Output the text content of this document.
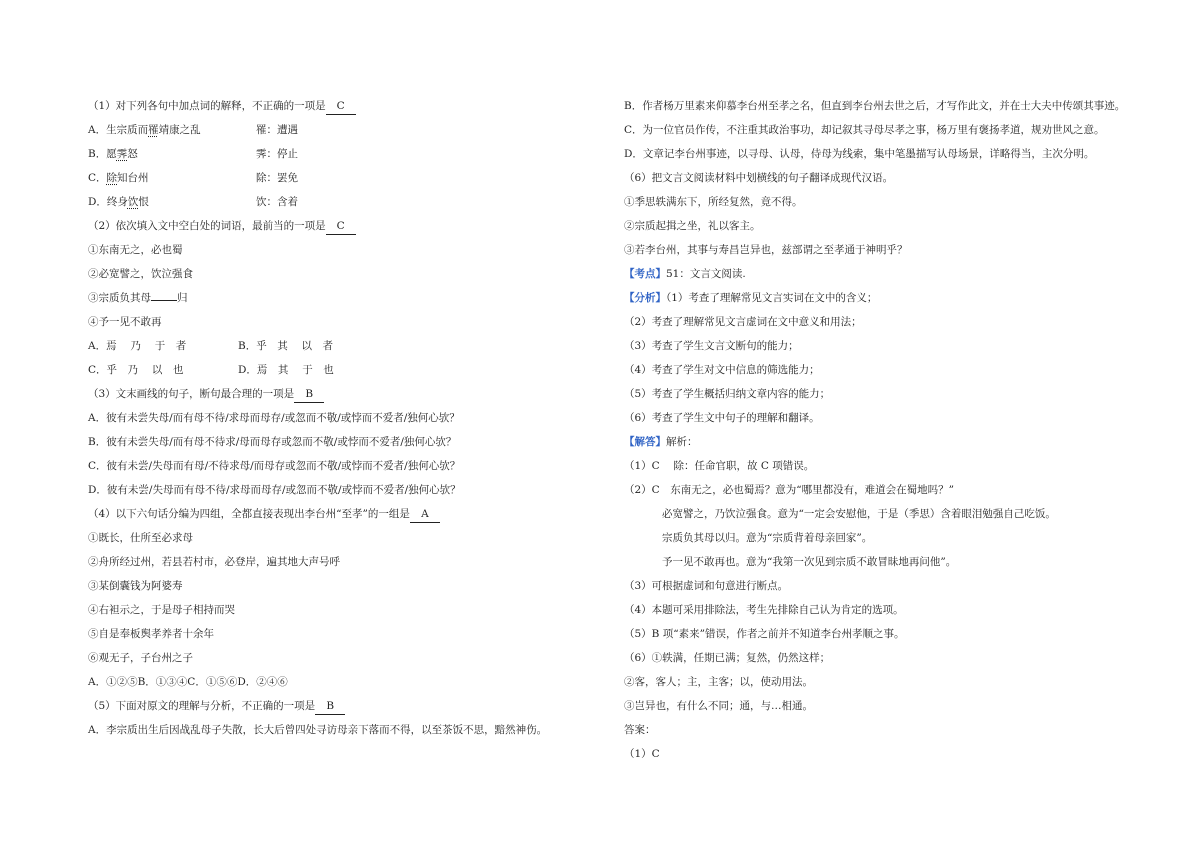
（1）对下列各句中加点词的解释，不正确的一项是 C
A．生宗质而罹靖康之乱	罹：遭遇
B．愿霁怒	霁：停止
C．除知台州	除：罢免
D．终身饮恨	饮：含着
（2）依次填入文中空白处的词语，最前当的一项是 C
①东南无之，必也蜀
②必宽譬之，饮泣强食
③宗质负其母 归
④予一见不敢再
A．焉　 乃　 于　者	B．乎　其　 以　者
C．乎　乃　 以　也	D．焉　其　 于　也
（3）文末画线的句子，断句最合理的一项是 B
A．彼有未尝失母/而有母不待/求母而母存/或忽而不敬/或悖而不爱者/独何心欤？
B．彼有未尝失母/而有母不待求/母而母存或忽而不敬/或悖而不爱者/独何心欤？
C．彼有未尝/失母而有母/不待求母/而母存或忽而不敬/或悖而不爱者/独何心欤？
D．彼有未尝/失母而有母不待/求母而母存/或忽而不敬/或悖而不爱者/独何心欤？
（4）以下六句话分编为四组，全都直接表现出李台州“至孝”的一组是 A
①既长，仕所至必求母
②舟所经过州，若县若村市，必登岸，遍其地大声号呼
③某倒囊钱为阿婆寿
④右袒示之，于是母子相持而哭
⑤自是奉板舆孝养者十余年
⑥观无子，子台州之子
A．①②⑤B．①③④C．①⑤⑥D．②④⑥
（5）下面对原文的理解与分析，不正确的一项是 B
A．李宗质出生后因战乱母子失散，长大后曾四处寻访母亲下落而不得，以至茶饭不思，黯然神伤。
B．作者杨万里素来仰慕李台州至孝之名，但直到李台州去世之后，才写作此文，并在士大夫中传颂其事迹。
C．为一位官员作传，不注重其政治事功，却记叙其寻母尽孝之事，杨万里有褒扬孝道，规劝世风之意。
D．文章记李台州事迹，以寻母、认母，侍母为线索，集中笔墨描写认母场景，详略得当，主次分明。
（6）把文言文阅读材料中划横线的句子翻译成现代汉语。
①季思轶满东下，所经复然，竟不得。
②宗质起揖之坐，礼以客主。
③若李台州，其事与寿昌岂异也，兹部谓之至孝通于神明乎？
【考点】51：文言文阅读.
【分析】（1）考查了理解常见文言实词在文中的含义；
（2）考查了理解常见文言虚词在文中意义和用法；
（3）考查了学生文言文断句的能力；
（4）考查了学生对文中信息的筛选能力；
（5）考查了学生概括归纳文章内容的能力；
（6）考查了学生文中句子的理解和翻译。
【解答】解析：
（1）C　 除：任命官职，故 C 项错误。
（2）C　东南无之，必也蜀焉？意为“哪里都没有，难道会在蜀地吗？”
必宽譬之，乃饮泣强食。意为“一定会安慰他，于是（季思）含着眼泪勉强自己吃饭。
宗质负其母以归。意为“宗质背着母亲回家”。
予一见不敢再也。意为“我第一次见到宗质不敢冒昧地再问他”。
（3）可根据虚词和句意进行断点。
（4）本题可采用排除法，考生先排除自己认为肯定的选项。
（5）B 项“素来”错误，作者之前并不知道李台州孝顺之事。
（6）①轶满，任期已满；复然，仍然这样；
②客，客人；主，主客；以，使动用法。
③岂异也，有什么不同；通，与…相通。
答案：
（1）C
